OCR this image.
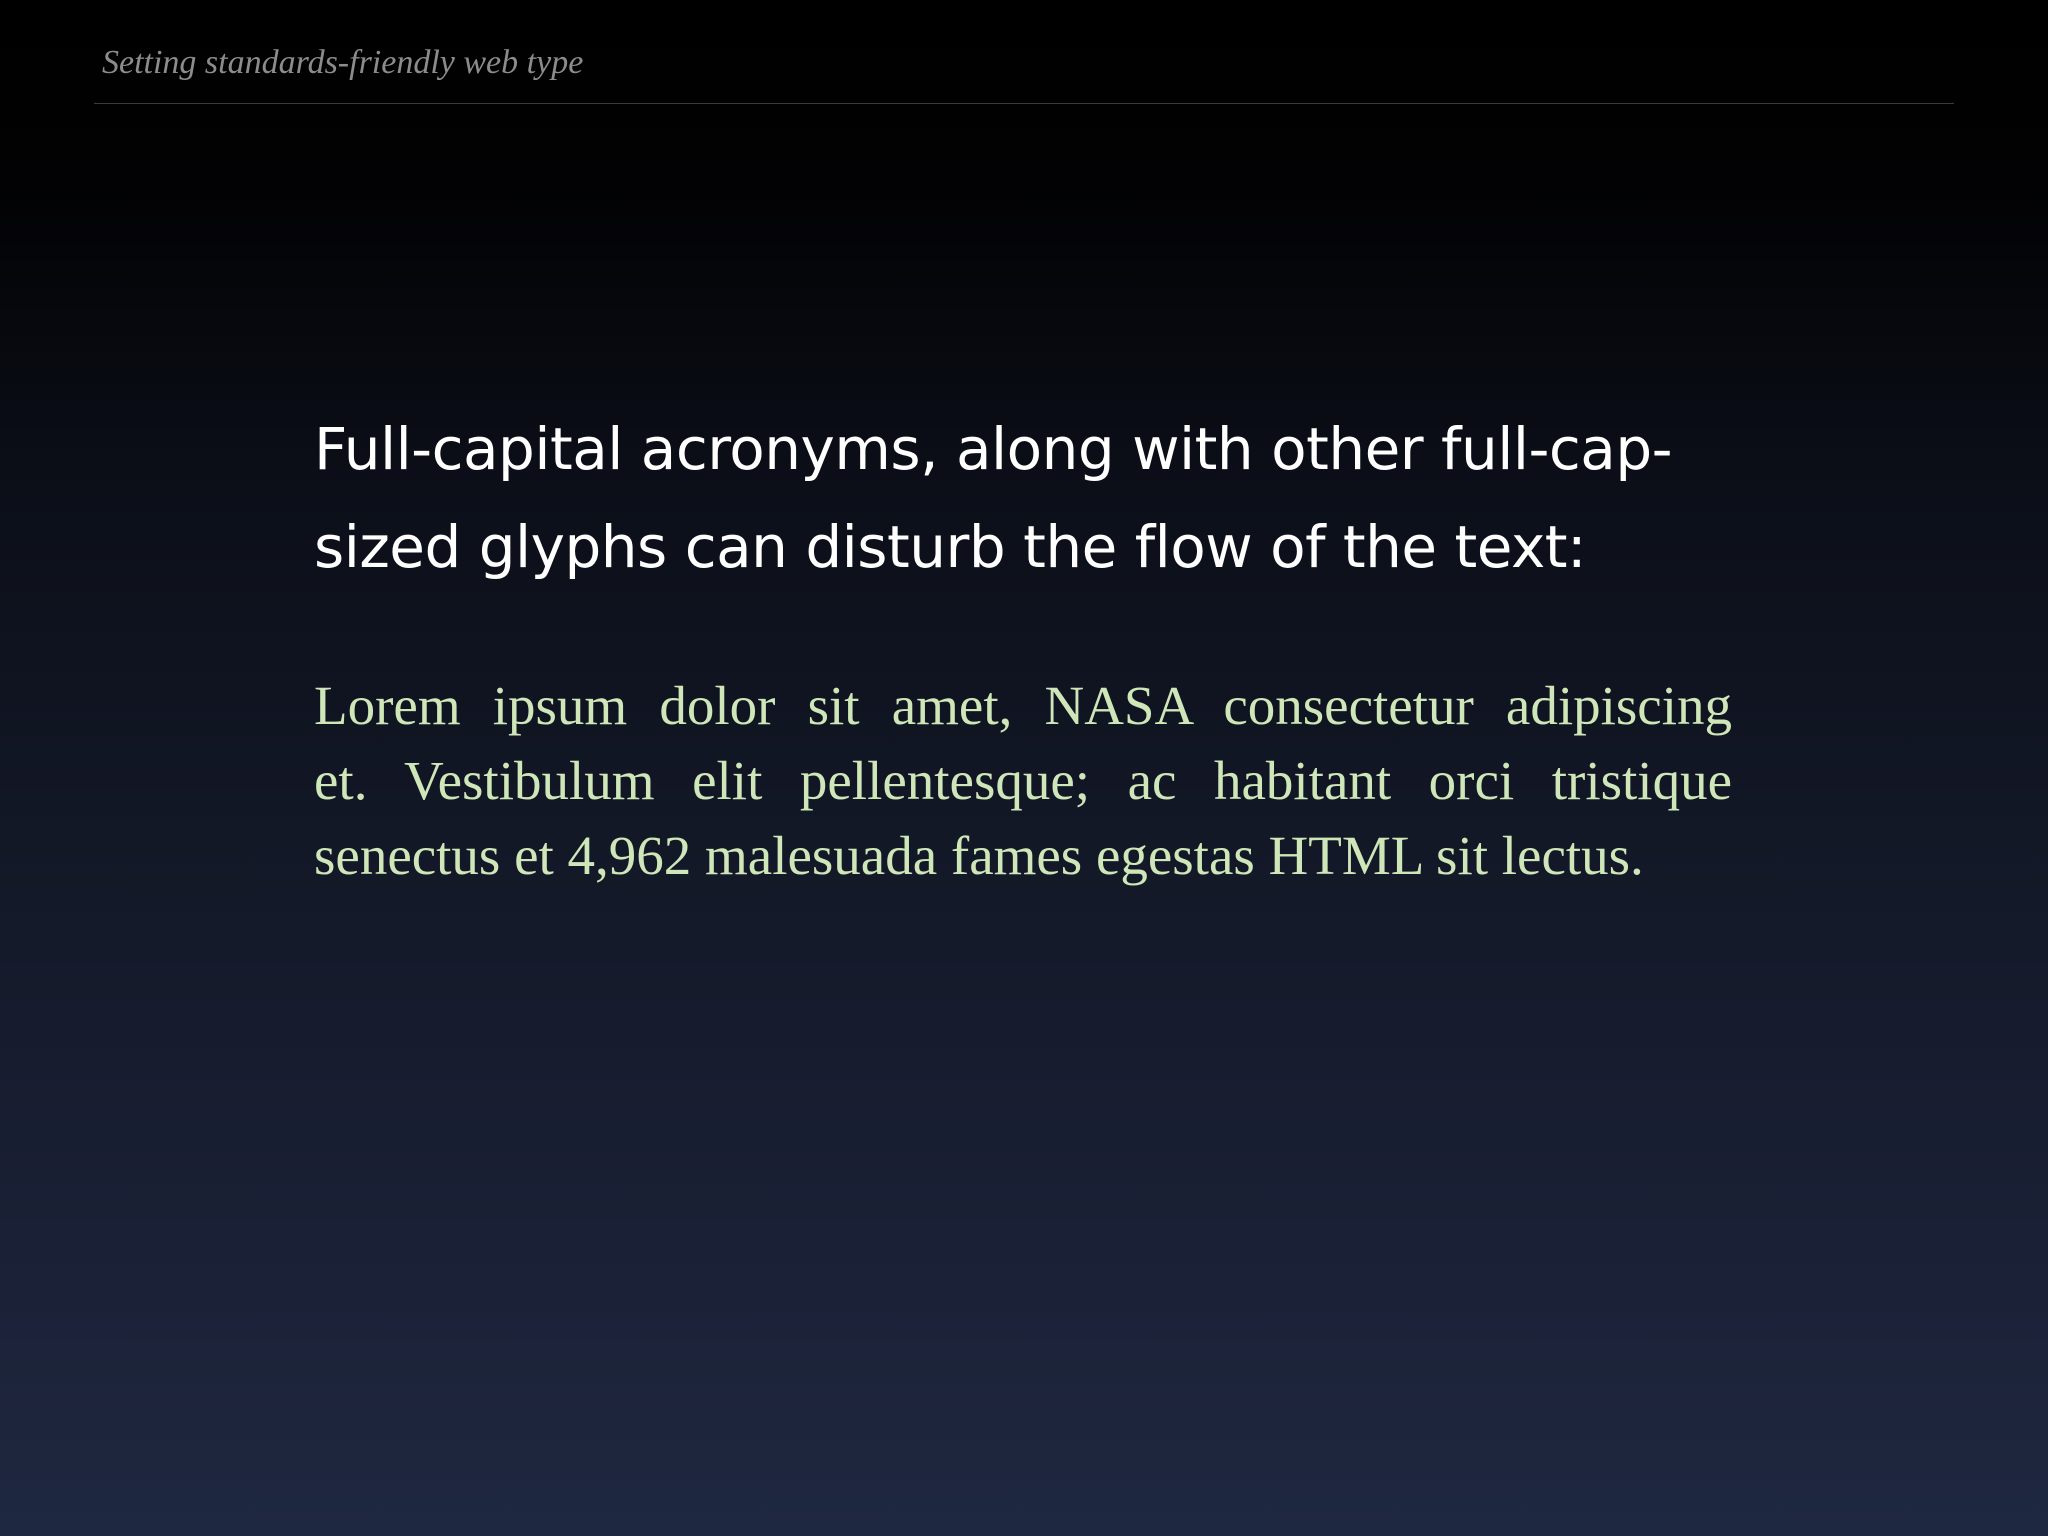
Setting standards-friendly web type
Full-capital acronyms, along with other full-cap-
sized glyphs can disturb the flow of the text:
Lorem ipsum dolor sit amet, NASA consectetur adipiscing
et. Vestibulum elit pellentesque; ac habitant orci tristique
senectus et 4,962 malesuada fames egestas HTML sit lectus.
